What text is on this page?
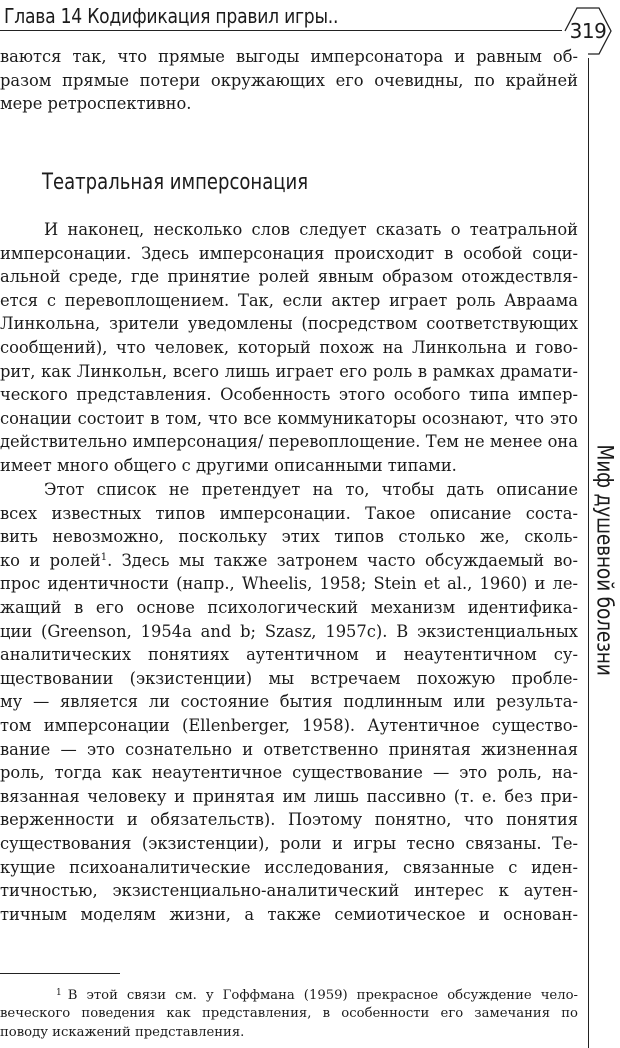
Глава 14 Кодификация правил игры..
319
Миф душевной болезни
ваются так, что прямые выгоды имперсонатора и равным об-
разом прямые потери окружающих его очевидны, по крайней
мере ретроспективно.
Театральная имперсонация
И наконец, несколько слов следует сказать о театральной
имперсонации. Здесь имперсонация происходит в особой соци-
альной среде, где принятие ролей явным образом отождествля-
ется с перевоплощением. Так, если актер играет роль Авраама
Линкольна, зрители уведомлены (посредством соответствующих
сообщений), что человек, который похож на Линкольна и гово-
рит, как Линкольн, всего лишь играет его роль в рамках драмати-
ческого представления. Особенность этого особого типа импер-
сонации состоит в том, что все коммуникаторы осознают, что это
действительно имперсонация/ перевоплощение. Тем не менее она
имеет много общего с другими описанными типами.
Этот список не претендует на то, чтобы дать описание
всех известных типов имперсонации. Такое описание соста-
вить невозможно, поскольку этих типов столько же, сколь-
ко и ролей$^1$. Здесь мы также затронем часто обсуждаемый во-
прос идентичности (напр., Wheelis, 1958; Stein et al., 1960) и ле-
жащий в его основе психологический механизм идентифика-
ции (Greenson, 1954a and b; Szasz, 1957c). В экзистенциальных
аналитических понятиях аутентичном и неаутентичном су-
ществовании (экзистенции) мы встречаем похожую пробле-
му — является ли состояние бытия подлинным или результа-
том имперсонации (Ellenberger, 1958). Аутентичное существо-
вание — это сознательно и ответственно принятая жизненная
роль, тогда как неаутентичное существование — это роль, на-
вязанная человеку и принятая им лишь пассивно (т. е. без при-
верженности и обязательств). Поэтому понятно, что понятия
существования (экзистенции), роли и игры тесно связаны. Те-
кущие психоаналитические исследования, связанные с иден-
тичностью, экзистенциально-аналитический интерес к аутен-
тичным моделям жизни, а также семиотическое и основан-
$^1$ В этой связи см. у Гоффмана (1959) прекрасное обсуждение чело-
веческого поведения как представления, в особенности его замечания по
поводу искажений представления.
